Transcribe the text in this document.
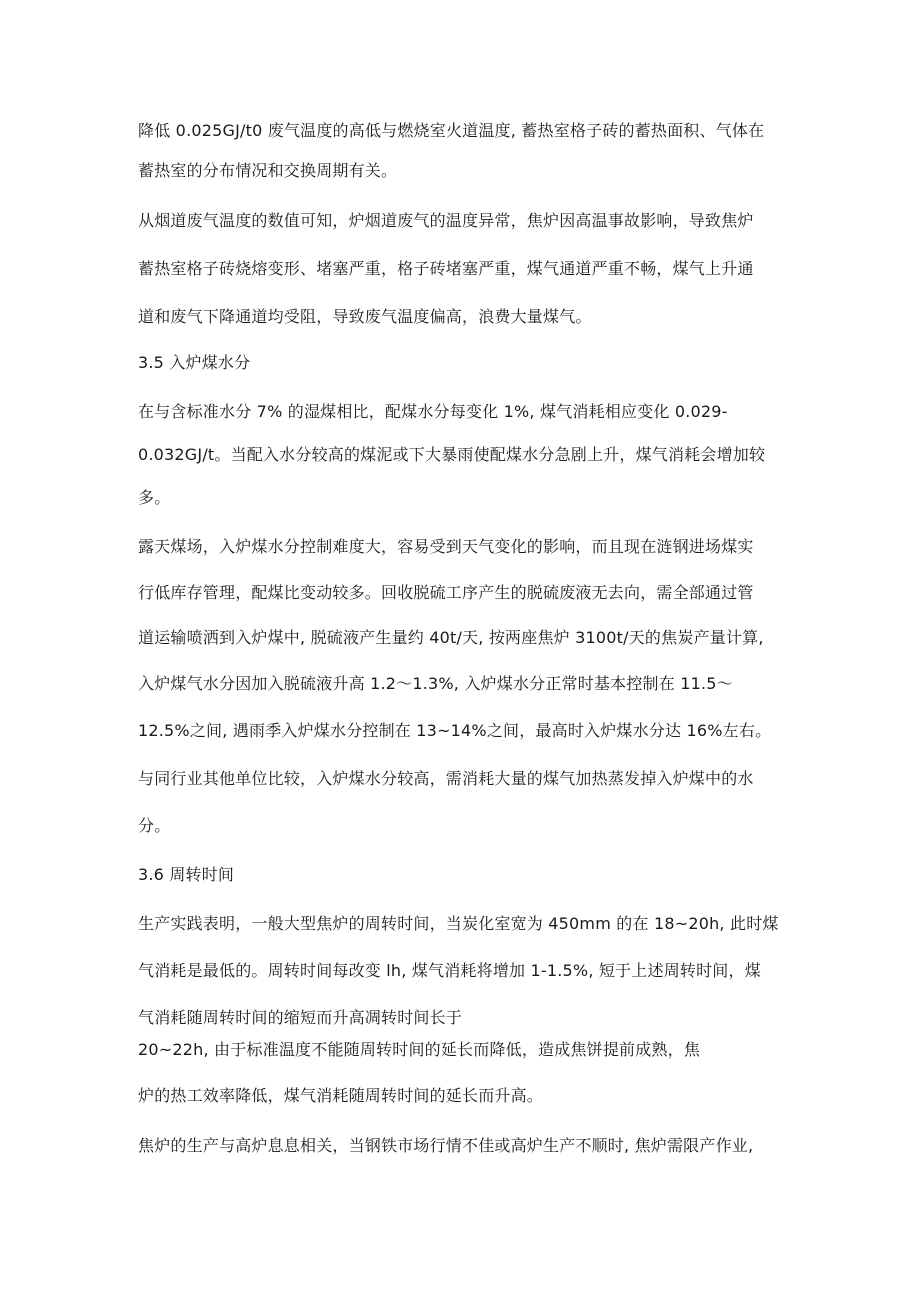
降低 0.025GJ/t0 废气温度的高低与燃烧室火道温度, 蓄热室格子砖的蓄热面积、气体在
蓄热室的分布情况和交换周期有关。
从烟道废气温度的数值可知，炉烟道废气的温度异常，焦炉因高温事故影响，导致焦炉
蓄热室格子砖烧熔变形、堵塞严重，格子砖堵塞严重，煤气通道严重不畅，煤气上升通
道和废气下降通道均受阻，导致废气温度偏高，浪费大量煤气。
3.5 入炉煤水分
在与含标准水分 7% 的湿煤相比，配煤水分每变化 1%, 煤气消耗相应变化 0.029-
0.032GJ/t。当配入水分较高的煤泥或下大暴雨使配煤水分急剧上升，煤气消耗会增加较
多。
露天煤场，入炉煤水分控制难度大，容易受到天气变化的影响，而且现在涟钢进场煤实
行低库存管理，配煤比变动较多。回收脱硫工序产生的脱硫废液无去向，需全部通过管
道运输喷洒到入炉煤中, 脱硫液产生量约 40t/天, 按两座焦炉 3100t/天的焦炭产量计算,
入炉煤气水分因加入脱硫液升高 1.2～1.3%, 入炉煤水分正常时基本控制在 11.5～
12.5%之间, 遇雨季入炉煤水分控制在 13~14%之间，最高时入炉煤水分达 16%左右。
与同行业其他单位比较，入炉煤水分较高，需消耗大量的煤气加热蒸发掉入炉煤中的水
分。
3.6 周转时间
生产实践表明，一般大型焦炉的周转时间，当炭化室宽为 450mm 的在 18~20h, 此时煤
气消耗是最低的。周转时间每改变 lh, 煤气消耗将增加 1-1.5%, 短于上述周转时间，煤
气消耗随周转时间的缩短而升高凋转时间长于
20~22h, 由于标准温度不能随周转时间的延长而降低，造成焦饼提前成熟，焦
炉的热工效率降低，煤气消耗随周转时间的延长而升高。
焦炉的生产与高炉息息相关，当钢铁市场行情不佳或高炉生产不顺时, 焦炉需限产作业,
